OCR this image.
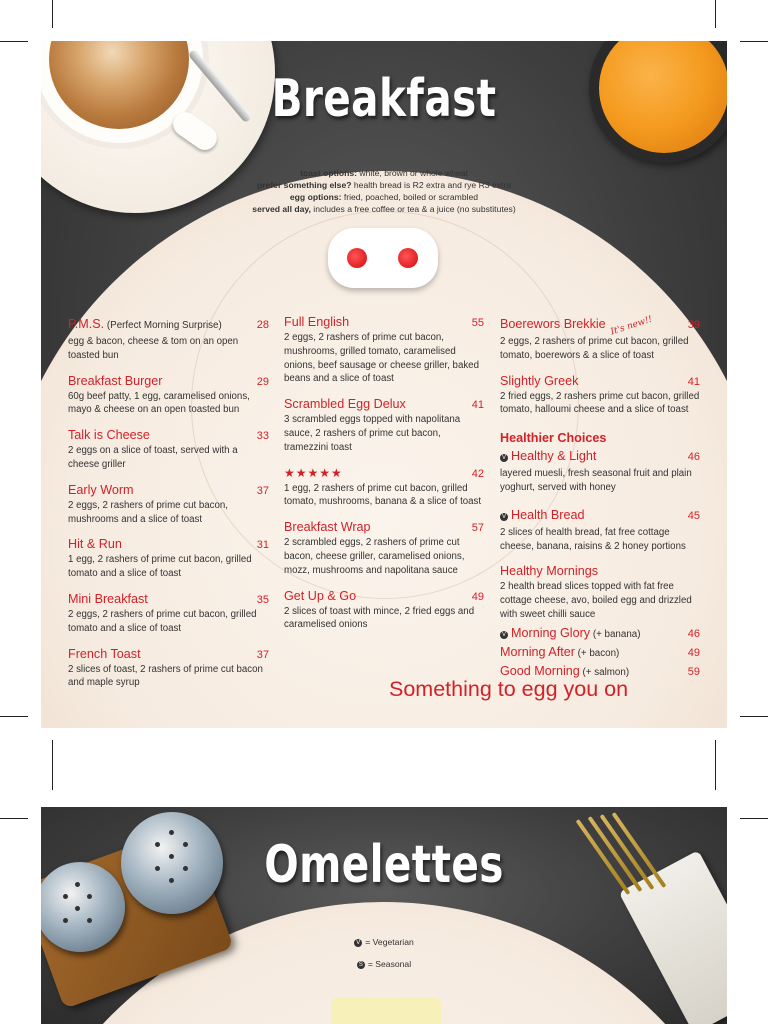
Breakfast
toast options: white, brown or whole wheat
prefer something else? health bread is R2 extra and rye R3 extra
egg options: fried, poached, boiled or scrambled
served all day, includes a free coffee or tea & a juice (no substitutes)
P.M.S. (Perfect Morning Surprise)	28
egg & bacon, cheese & tom on an open toasted bun
Breakfast Burger	29
60g beef patty, 1 egg, caramelised onions, mayo & cheese on an open toasted bun
Talk is Cheese	33
2 eggs on a slice of toast, served with a cheese griller
Early Worm	37
2 eggs, 2 rashers of prime cut bacon, mushrooms and a slice of toast
Hit & Run	31
1 egg, 2 rashers of prime cut bacon, grilled tomato and a slice of toast
Mini Breakfast	35
2 eggs, 2 rashers of prime cut bacon, grilled tomato and a slice of toast
French Toast	37
2 slices of toast, 2 rashers of prime cut bacon and maple syrup
Full English	55
2 eggs, 2 rashers of prime cut bacon, mushrooms, grilled tomato, caramelised onions, beef sausage or cheese griller, baked beans and a slice of toast
Scrambled Egg Delux	41
3 scrambled eggs topped with napolitana sauce, 2 rashers of prime cut bacon, tramezzini toast
★★★★★	42
1 egg, 2 rashers of prime cut bacon, grilled tomato, mushrooms, banana & a slice of toast
Breakfast Wrap	57
2 scrambled eggs, 2 rashers of prime cut bacon, cheese griller, caramelised onions, mozz, mushrooms and napolitana sauce
Get Up & Go	49
2 slices of toast with mince, 2 fried eggs and caramelised onions
Boerewors Brekkie It's new!!	39
2 eggs, 2 rashers of prime cut bacon, grilled tomato, boerewors & a slice of toast
Slightly Greek	41
2 fried eggs, 2 rashers prime cut bacon, grilled tomato, halloumi cheese and a slice of toast
Healthier Choices
V Healthy & Light	46
layered muesli, fresh seasonal fruit and plain yoghurt, served with honey
V Health Bread	45
2 slices of health bread, fat free cottage cheese, banana, raisins & 2 honey portions
Healthy Mornings
2 health bread slices topped with fat free cottage cheese, avo, boiled egg and drizzled with sweet chilli sauce
V Morning Glory (+ banana)	46
Morning After (+ bacon)	49
Good Morning (+ salmon)	59
Something to egg you on
Omelettes
V = Vegetarian
S = Seasonal
